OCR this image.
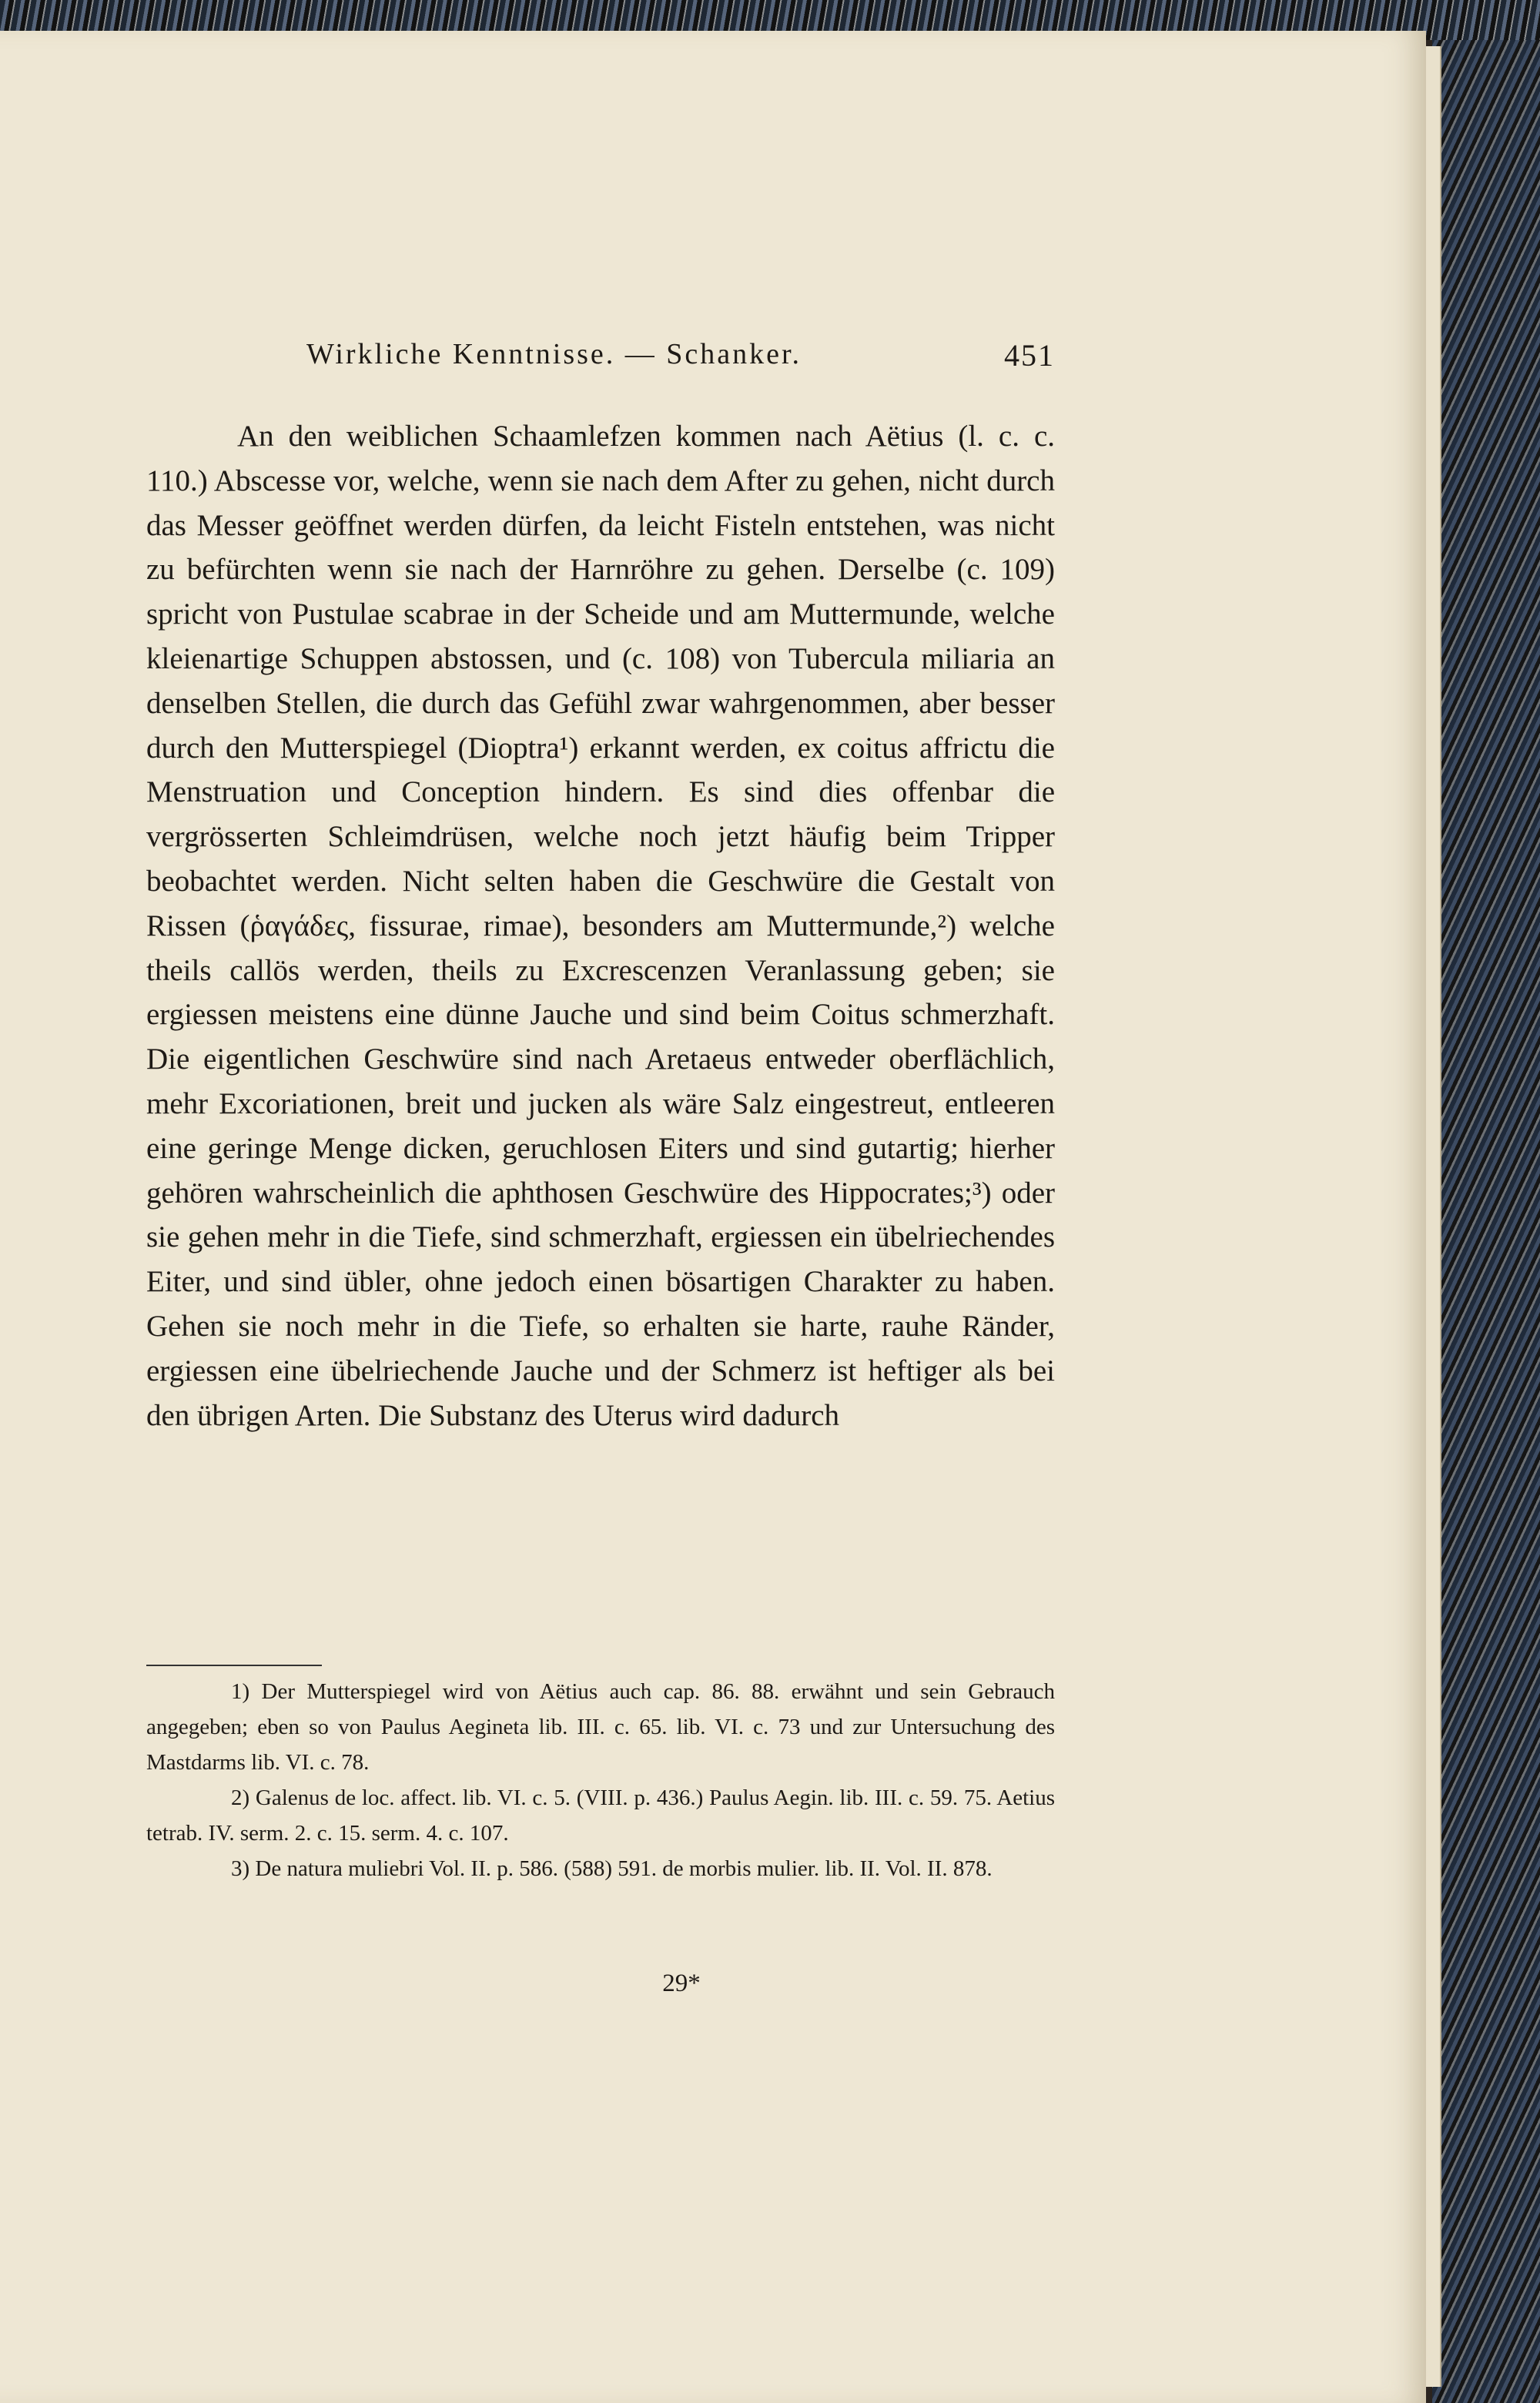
Wirkliche Kenntnisse. — Schanker.	451

An den weiblichen Schaamlefzen kommen nach Aëtius (l. c. c. 110.) Abscesse vor, welche, wenn sie nach dem After zu gehen, nicht durch das Messer geöffnet werden dürfen, da leicht Fisteln entstehen, was nicht zu befürchten wenn sie nach der Harnröhre zu gehen. Derselbe (c. 109) spricht von Pustulae scabrae in der Scheide und am Muttermunde, welche kleienartige Schuppen abstossen, und (c. 108) von Tubercula miliaria an denselben Stellen, die durch das Gefühl zwar wahrgenommen, aber besser durch den Mutterspiegel (Dioptra¹) erkannt werden, ex coitus affrictu die Menstruation und Conception hindern. Es sind dies offenbar die vergrösserten Schleimdrüsen, welche noch jetzt häufig beim Tripper beobachtet werden. Nicht selten haben die Geschwüre die Gestalt von Rissen (ῥαγάδες, fissurae, rimae), besonders am Muttermunde,²) welche theils callös werden, theils zu Excrescenzen Veranlassung geben; sie ergiessen meistens eine dünne Jauche und sind beim Coitus schmerzhaft. Die eigentlichen Geschwüre sind nach Aretaeus entweder oberflächlich, mehr Excoriationen, breit und jucken als wäre Salz eingestreut, entleeren eine geringe Menge dicken, geruchlosen Eiters und sind gutartig; hierher gehören wahrscheinlich die aphthosen Geschwüre des Hippocrates;³) oder sie gehen mehr in die Tiefe, sind schmerzhaft, ergiessen ein übelriechendes Eiter, und sind übler, ohne jedoch einen bösartigen Charakter zu haben. Gehen sie noch mehr in die Tiefe, so erhalten sie harte, rauhe Ränder, ergiessen eine übelriechende Jauche und der Schmerz ist heftiger als bei den übrigen Arten. Die Substanz des Uterus wird dadurch

1) Der Mutterspiegel wird von Aëtius auch cap. 86. 88. erwähnt und sein Gebrauch angegeben; eben so von Paulus Aegineta lib. III. c. 65. lib. VI. c. 73 und zur Untersuchung des Mastdarms lib. VI. c. 78.

2) Galenus de loc. affect. lib. VI. c. 5. (VIII. p. 436.) Paulus Aegin. lib. III. c. 59. 75. Aetius tetrab. IV. serm. 2. c. 15. serm. 4. c. 107.

3) De natura muliebri Vol. II. p. 586. (588) 591. de morbis mulier. lib. II. Vol. II. 878.

29*
